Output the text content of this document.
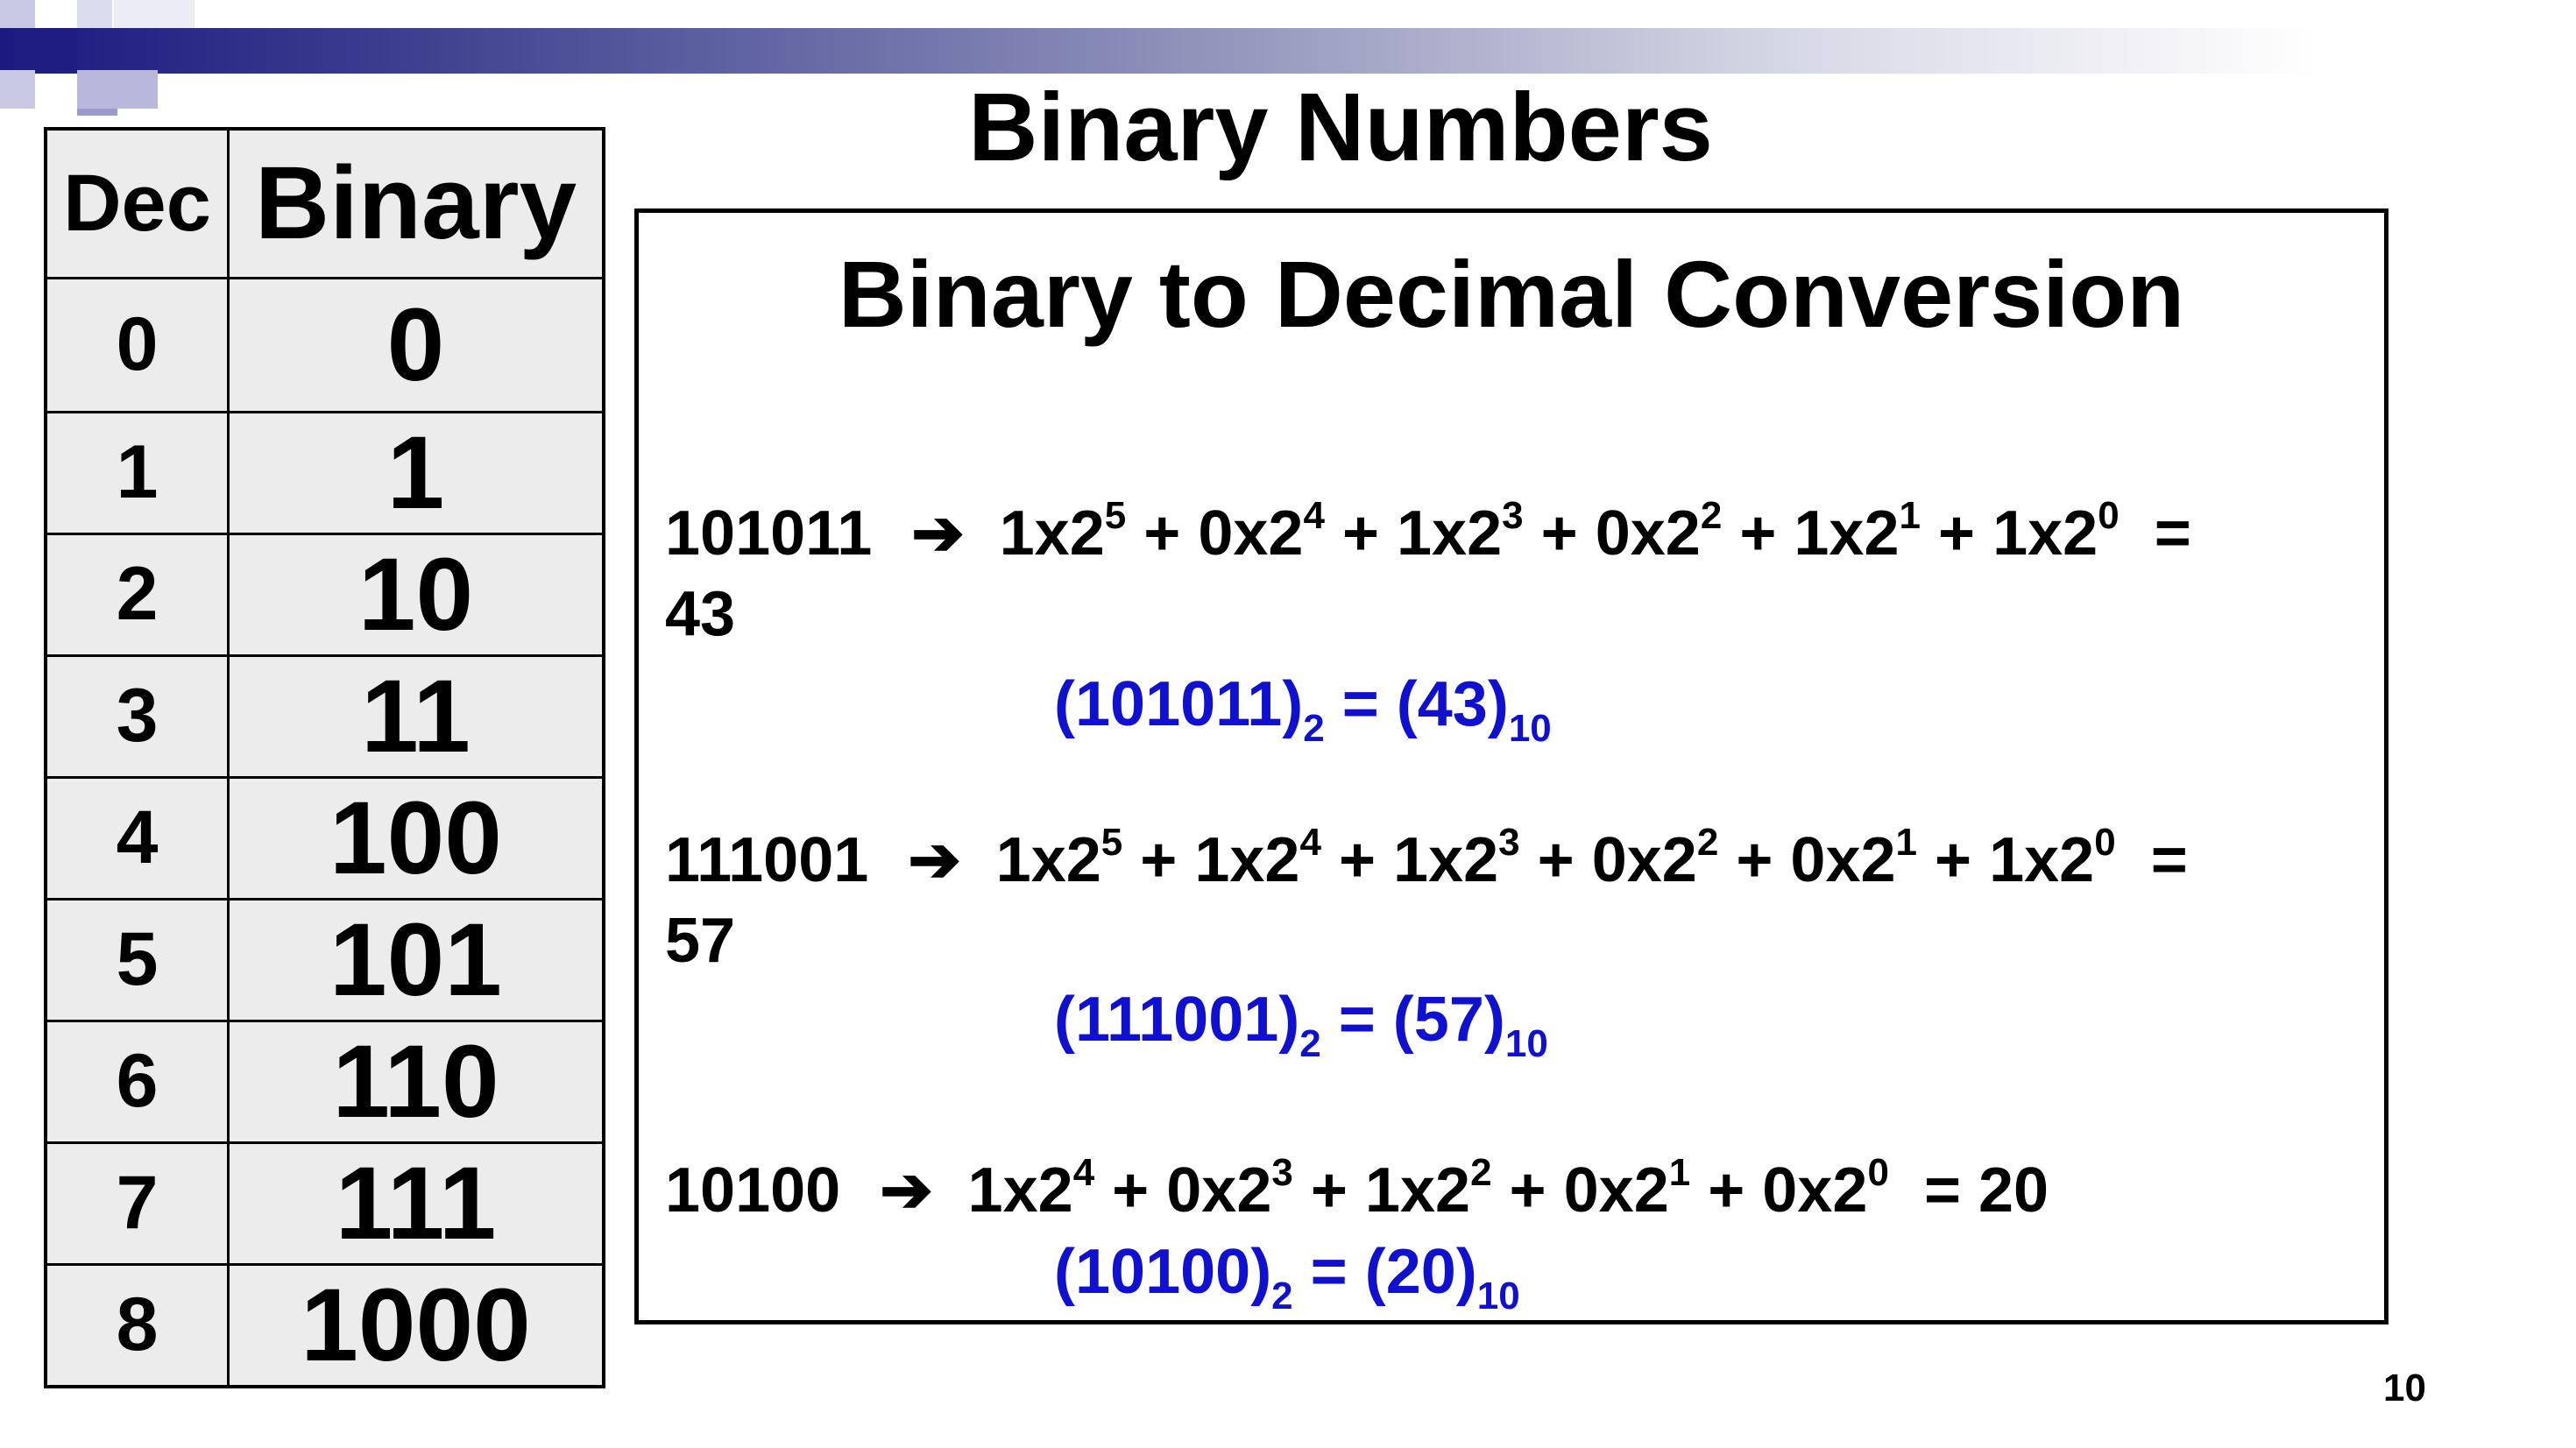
Binary Numbers
Dec	Binary
0	0
1	1
2	10
3	11
4	100
5	101
6	110
7	111
8	1000
Binary to Decimal Conversion
101011 ➔ $1x2^5 + 0x2^4 + 1x2^3 + 0x2^2 + 1x2^1 + 1x2^0$ =
43
$(101011)_2 = (43)_{10}$
111001 ➔ $1x2^5 + 1x2^4 + 1x2^3 + 0x2^2 + 0x2^1 + 1x2^0$ =
57
$(111001)_2 = (57)_{10}$
10100 ➔ $1x2^4 + 0x2^3 + 1x2^2 + 0x2^1 + 0x2^0 = 20$
$(10100)_2 = (20)_{10}$
10
